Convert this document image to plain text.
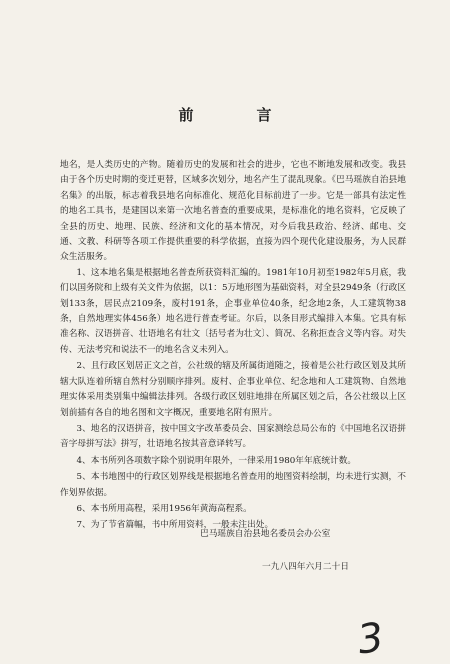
前　言

地名，是人类历史的产物。随着历史的发展和社会的进步，它也不断地发展和改变。我县由于各个历史时期的变迁更替，区域多次划分，地名产生了混乱现象。《巴马瑶族自治县地名集》的出版，标志着我县地名向标准化、规范化目标前进了一步。它是一部具有法定性的地名工具书，是建国以来第一次地名普查的重要成果，是标准化的地名资料，它反映了全县的历史、地理、民族、经济和文化的基本情况，对今后我县政治、经济、邮电、交通、文教、科研等各项工作提供重要的科学依据，直接为四个现代化建设服务，为人民群众生活服务。

1、这本地名集是根据地名普查所获资料汇编的。1981年10月初至1982年5月底，我们以国务院和上级有关文件为依据，以1：5万地形图为基础资料，对全县2949条（行政区划133条，居民点2109条，废村191条，企事业单位40条，纪念地2条，人工建筑物38条，自然地理实体456条）地名进行普查考证。尔后，以条目形式编排入本集。它具有标准名称、汉语拼音、壮语地名有壮文〔括号者为壮文〕、简况、名称拒查含义等内容。对失传、无法考究和说法不一的地名含义未列入。

2、且行政区划居正文之首，公社级的辖及所属街道随之，接着是公社行政区划及其所辖大队连着所辖自然村分别顺序排列。废村、企事业单位、纪念地和人工建筑物、自然地理实体采用类别集中编辑法排列。各级行政区划驻地排在所属区划之后，各公社级以上区划前插有各自的地名图和文字概况，重要地名附有照片。

3、地名的汉语拼音，按中国文字改革委员会、国家测绘总局公布的《中国地名汉语拼音字母拼写法》拼写，壮语地名按其音意译转写。

4、本书所列各项数字除个别说明年限外，一律采用1980年年底统计数。

5、本书地图中的行政区划界线是根据地名普查用的地图资料绘制，均未进行实测，不作划界依据。

6、本书所用高程，采用1956年黄海高程系。

7、为了节省篇幅，书中所用资料，一般未注出处。

巴马瑶族自治县地名委员会办公室
一九八四年六月二十日
3
